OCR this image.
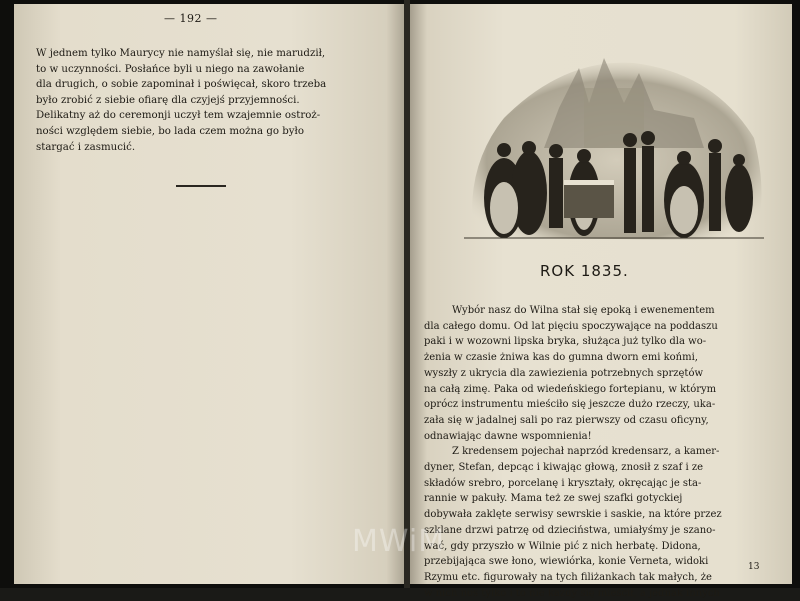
— 192 —

W jednem tylko Maurycy nie namyślał się, nie marudził,

to w uczynności. Posłańce byli u niego na zawołanie

dla drugich, o sobie zapominał i poświęcał, skoro trzeba

było zrobić z siebie ofiarę dla czyjejś przyjemności.

Delikatny aż do ceremonji uczył tem wzajemnie ostroż-

ności względem siebie, bo lada czem można go było

stargać i zasmucić.

ROK 1835.

Wybór nasz do Wilna stał się epoką i ewenementem

dla całego domu. Od lat pięciu spoczywające na poddaszu

paki i w wozowni lipska bryka, służąca już tylko dla wo-

żenia w czasie żniwa kas do gumna dworn emi końmi,

wyszły z ukrycia dla zawiezienia potrzebnych sprzętów

na całą zimę. Paka od wiedeńskiego fortepianu, w którym

oprócz instrumentu mieściło się jeszcze dużo rzeczy, uka-

zała się w jadalnej sali po raz pierwszy od czasu oficyny,

odnawiając dawne wspomnienia!

Z kredensem pojechał naprzód kredensarz, a kamer-

dyner, Stefan, depcąc i kiwając głową, znosił z szaf i ze

składów srebro, porcelanę i kryształy, okręcając je sta-

rannie w pakuły. Mama też ze swej szafki gotyckiej

dobywała zaklęte serwisy sewrskie i saskie, na które przez

szklane drzwi patrzę od dzieciństwa, umiałyśmy je szano-

wać, gdy przyszło w Wilnie pić z nich herbatę. Didona,

przebijająca swe łono, wiewiórka, konie Verneta, widoki

Rzymu etc. figurowały na tych filiżankach tak małych, że

w nich nos tylko i to nie każdy się mieścił, a jednak innych

13
MWiM
